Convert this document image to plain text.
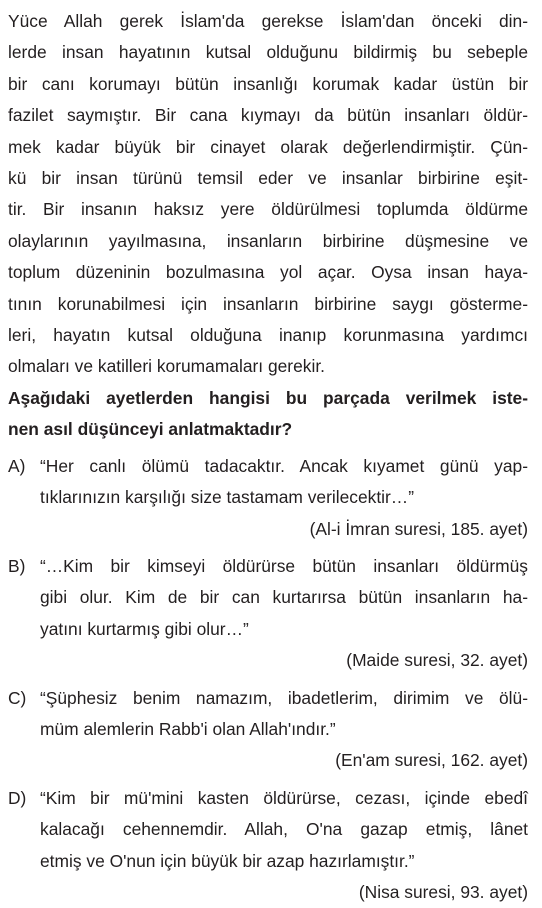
Yüce Allah gerek İslam'da gerekse İslam'dan önceki din-
lerde insan hayatının kutsal olduğunu bildirmiş bu sebeple
bir canı korumayı bütün insanlığı korumak kadar üstün bir
fazilet saymıştır. Bir cana kıymayı da bütün insanları öldür-
mek kadar büyük bir cinayet olarak değerlendirmiştir. Çün-
kü bir insan türünü temsil eder ve insanlar birbirine eşit-
tir. Bir insanın haksız yere öldürülmesi toplumda öldürme
olaylarının yayılmasına, insanların birbirine düşmesine ve
toplum düzeninin bozulmasına yol açar. Oysa insan haya-
tının korunabilmesi için insanların birbirine saygı gösterme-
leri, hayatın kutsal olduğuna inanıp korunmasına yardımcı
olmaları ve katilleri korumamaları gerekir.
Aşağıdaki ayetlerden hangisi bu parçada verilmek iste-
nen asıl düşünceyi anlatmaktadır?
A) “Her canlı ölümü tadacaktır. Ancak kıyamet günü yap-
tıklarınızın karşılığı size tastamam verilecektir…”
(Al-i İmran suresi, 185. ayet)
B) “…Kim bir kimseyi öldürürse bütün insanları öldürmüş
gibi olur. Kim de bir can kurtarırsa bütün insanların ha-
yatını kurtarmış gibi olur…”
(Maide suresi, 32. ayet)
C) “Şüphesiz benim namazım, ibadetlerim, dirimim ve ölü-
müm alemlerin Rabb'i olan Allah'ındır.”
(En'am suresi, 162. ayet)
D) “Kim bir mü'mini kasten öldürürse, cezası, içinde ebedî
kalacağı cehennemdir. Allah, O'na gazap etmiş, lânet
etmiş ve O'nun için büyük bir azap hazırlamıştır.”
(Nisa suresi, 93. ayet)
